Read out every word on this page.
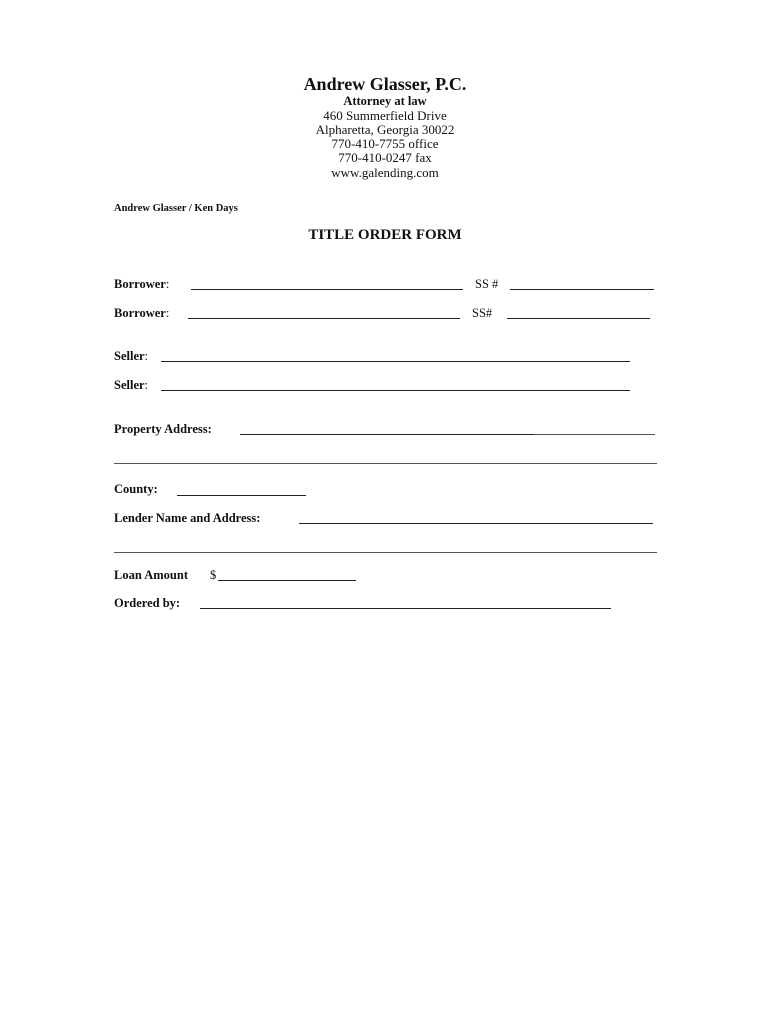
Andrew Glasser, P.C.
Attorney at law
460 Summerfield Drive
Alpharetta, Georgia 30022
770-410-7755 office
770-410-0247 fax
www.galending.com
Andrew Glasser / Ken Days
TITLE ORDER FORM
Borrower:	SS #
Borrower:	SS#
Seller:
Seller:
Property Address:
County:
Lender Name and Address:
Loan Amount $
Ordered by:
